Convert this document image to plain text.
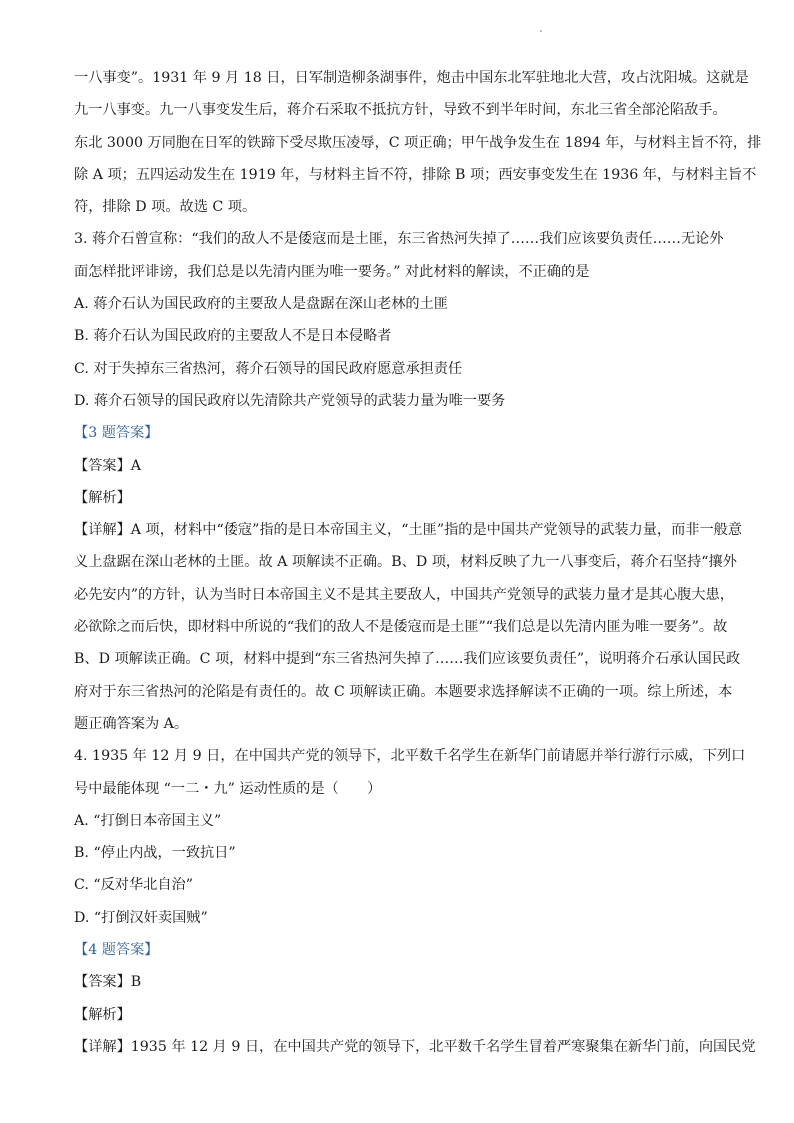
一八事变”。1931 年 9 月 18 日，日军制造柳条湖事件，炮击中国东北军驻地北大营，攻占沈阳城。这就是
九一八事变。九一八事变发生后，蒋介石采取不抵抗方针，导致不到半年时间，东北三省全部沦陷敌手。
东北 3000 万同胞在日军的铁蹄下受尽欺压凌辱，C 项正确；甲午战争发生在 1894 年，与材料主旨不符，排
除 A 项；五四运动发生在 1919 年，与材料主旨不符，排除 B 项；西安事变发生在 1936 年，与材料主旨不
符，排除 D 项。故选 C 项。
3. 蒋介石曾宣称：“我们的敌人不是倭寇而是土匪，东三省热河失掉了……我们应该要负责任……无论外
面怎样批评诽谤，我们总是以先清内匪为唯一要务。” 对此材料的解读，不正确的是
A. 蒋介石认为国民政府的主要敌人是盘踞在深山老林的土匪
B. 蒋介石认为国民政府的主要敌人不是日本侵略者
C. 对于失掉东三省热河，蒋介石领导的国民政府愿意承担责任
D. 蒋介石领导的国民政府以先清除共产党领导的武装力量为唯一要务
【3 题答案】
【答案】A
【解析】
【详解】A 项，材料中“倭寇”指的是日本帝国主义，“土匪”指的是中国共产党领导的武装力量，而非一般意
义上盘踞在深山老林的土匪。故 A 项解读不正确。B、D 项，材料反映了九一八事变后，蒋介石坚持“攘外
必先安内”的方针，认为当时日本帝国主义不是其主要敌人，中国共产党领导的武装力量才是其心腹大患，
必欲除之而后快，即材料中所说的“我们的敌人不是倭寇而是土匪”“我们总是以先清内匪为唯一要务”。故
B、D 项解读正确。C 项，材料中提到“东三省热河失掉了……我们应该要负责任”，说明蒋介石承认国民政
府对于东三省热河的沦陷是有责任的。故 C 项解读正确。本题要求选择解读不正确的一项。综上所述，本
题正确答案为 A。
4. 1935 年 12 月 9 日，在中国共产党的领导下，北平数千名学生在新华门前请愿并举行游行示威，下列口
号中最能体现 “一二・九” 运动性质的是（　　）
A. “打倒日本帝国主义”
B. “停止内战，一致抗日”
C. “反对华北自治”
D. “打倒汉奸卖国贼”
【4 题答案】
【答案】B
【解析】
【详解】1935 年 12 月 9 日，在中国共产党的领导下，北平数千名学生冒着严寒聚集在新华门前，向国民党
